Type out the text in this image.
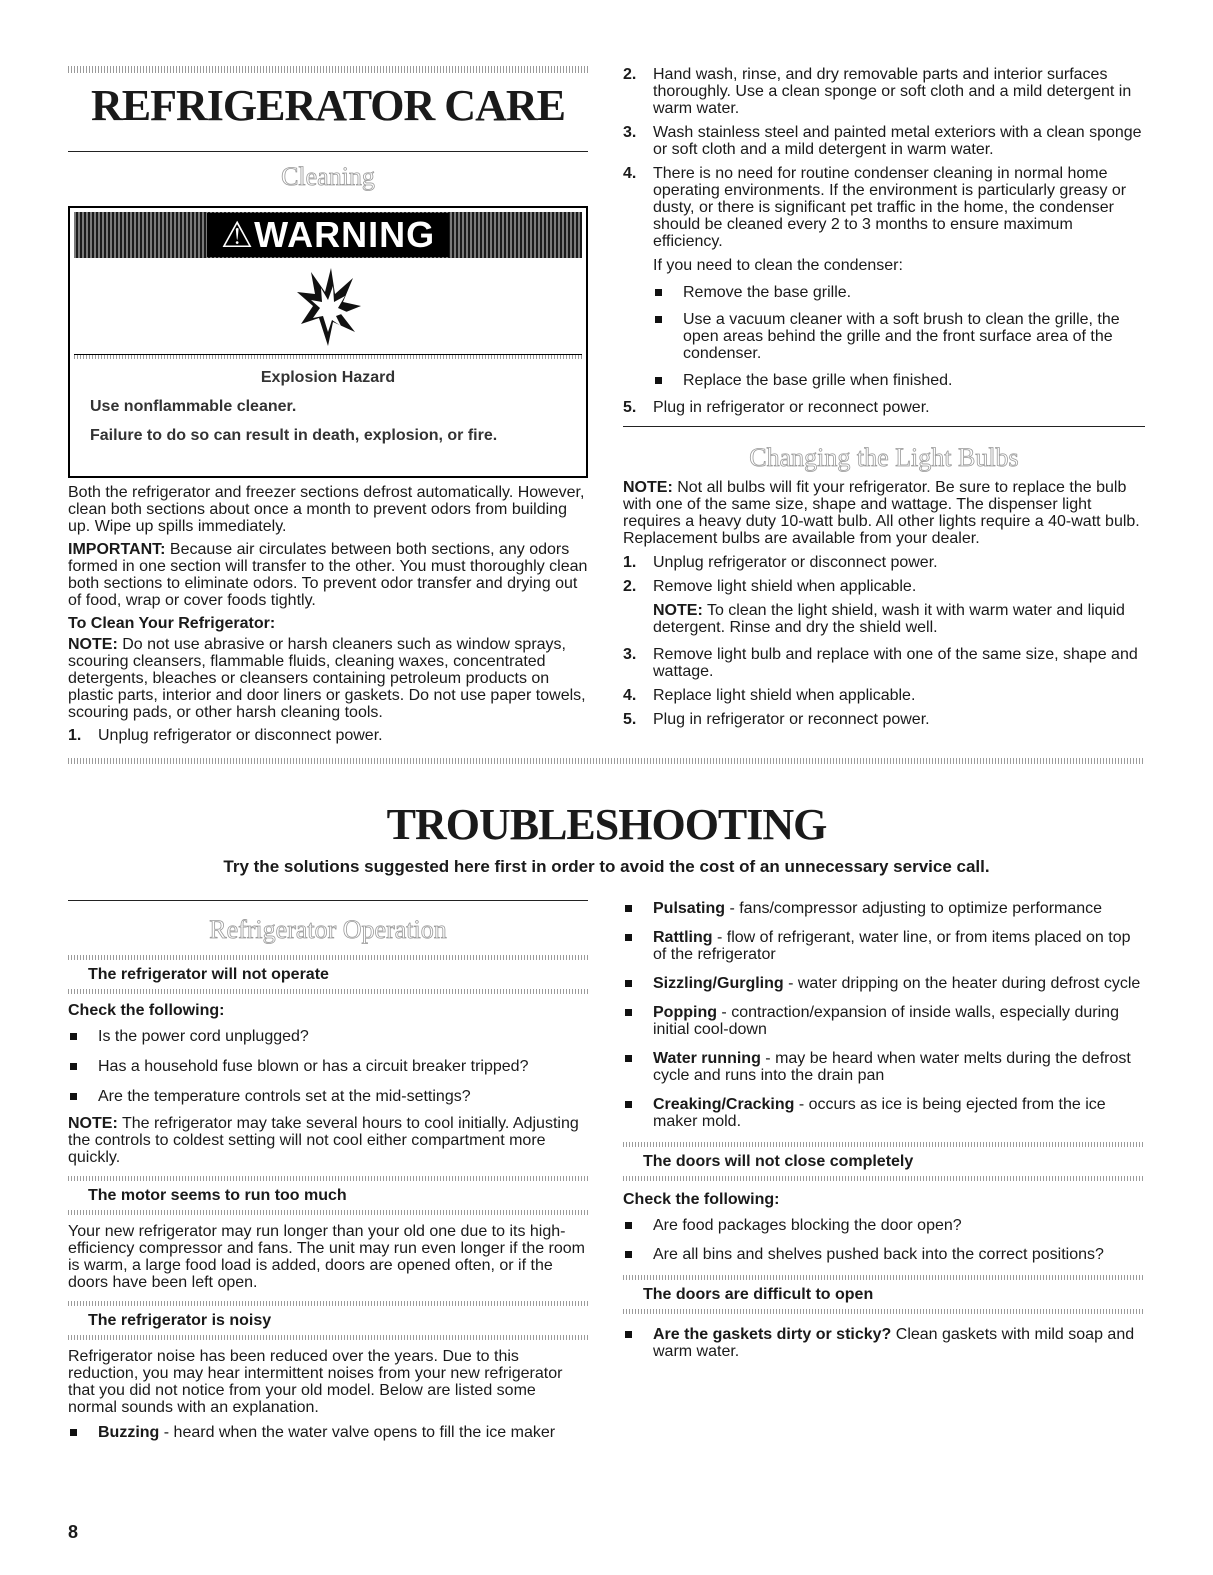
REFRIGERATOR CARE
Cleaning
⚠WARNING

Explosion Hazard

Use nonflammable cleaner.

Failure to do so can result in death, explosion, or fire.

Both the refrigerator and freezer sections defrost automatically. However, clean both sections about once a month to prevent odors from building up. Wipe up spills immediately.

IMPORTANT: Because air circulates between both sections, any odors formed in one section will transfer to the other. You must thoroughly clean both sections to eliminate odors. To prevent odor transfer and drying out of food, wrap or cover foods tightly.

To Clean Your Refrigerator:

NOTE: Do not use abrasive or harsh cleaners such as window sprays, scouring cleansers, flammable fluids, cleaning waxes, concentrated detergents, bleaches or cleansers containing petroleum products on plastic parts, interior and door liners or gaskets. Do not use paper towels, scouring pads, or other harsh cleaning tools.

1. Unplug refrigerator or disconnect power.
2. Hand wash, rinse, and dry removable parts and interior surfaces thoroughly. Use a clean sponge or soft cloth and a mild detergent in warm water.
3. Wash stainless steel and painted metal exteriors with a clean sponge or soft cloth and a mild detergent in warm water.
4. There is no need for routine condenser cleaning in normal home operating environments. If the environment is particularly greasy or dusty, or there is significant pet traffic in the home, the condenser should be cleaned every 2 to 3 months to ensure maximum efficiency.

If you need to clean the condenser:

Remove the base grille.
Use a vacuum cleaner with a soft brush to clean the grille, the open areas behind the grille and the front surface area of the condenser.
Replace the base grille when finished.
5. Plug in refrigerator or reconnect power.
Changing the Light Bulbs

NOTE: Not all bulbs will fit your refrigerator. Be sure to replace the bulb with one of the same size, shape and wattage. The dispenser light requires a heavy duty 10-watt bulb. All other lights require a 40-watt bulb. Replacement bulbs are available from your dealer.

1. Unplug refrigerator or disconnect power.
2. Remove light shield when applicable.

NOTE: To clean the light shield, wash it with warm water and liquid detergent. Rinse and dry the shield well.

3. Remove light bulb and replace with one of the same size, shape and wattage.
4. Replace light shield when applicable.
5. Plug in refrigerator or reconnect power.
TROUBLESHOOTING

Try the solutions suggested here first in order to avoid the cost of an unnecessary service call.

Refrigerator Operation
The refrigerator will not operate

Check the following:

Is the power cord unplugged?
Has a household fuse blown or has a circuit breaker tripped?
Are the temperature controls set at the mid-settings?

NOTE: The refrigerator may take several hours to cool initially. Adjusting the controls to coldest setting will not cool either compartment more quickly.

The motor seems to run too much

Your new refrigerator may run longer than your old one due to its high-efficiency compressor and fans. The unit may run even longer if the room is warm, a large food load is added, doors are opened often, or if the doors have been left open.

The refrigerator is noisy

Refrigerator noise has been reduced over the years. Due to this reduction, you may hear intermittent noises from your new refrigerator that you did not notice from your old model. Below are listed some normal sounds with an explanation.

Buzzing - heard when the water valve opens to fill the ice maker
Pulsating - fans/compressor adjusting to optimize performance
Rattling - flow of refrigerant, water line, or from items placed on top of the refrigerator
Sizzling/Gurgling - water dripping on the heater during defrost cycle
Popping - contraction/expansion of inside walls, especially during initial cool-down
Water running - may be heard when water melts during the defrost cycle and runs into the drain pan
Creaking/Cracking - occurs as ice is being ejected from the ice maker mold.
The doors will not close completely

Check the following:

Are food packages blocking the door open?
Are all bins and shelves pushed back into the correct positions?
The doors are difficult to open
Are the gaskets dirty or sticky? Clean gaskets with mild soap and warm water.
8
